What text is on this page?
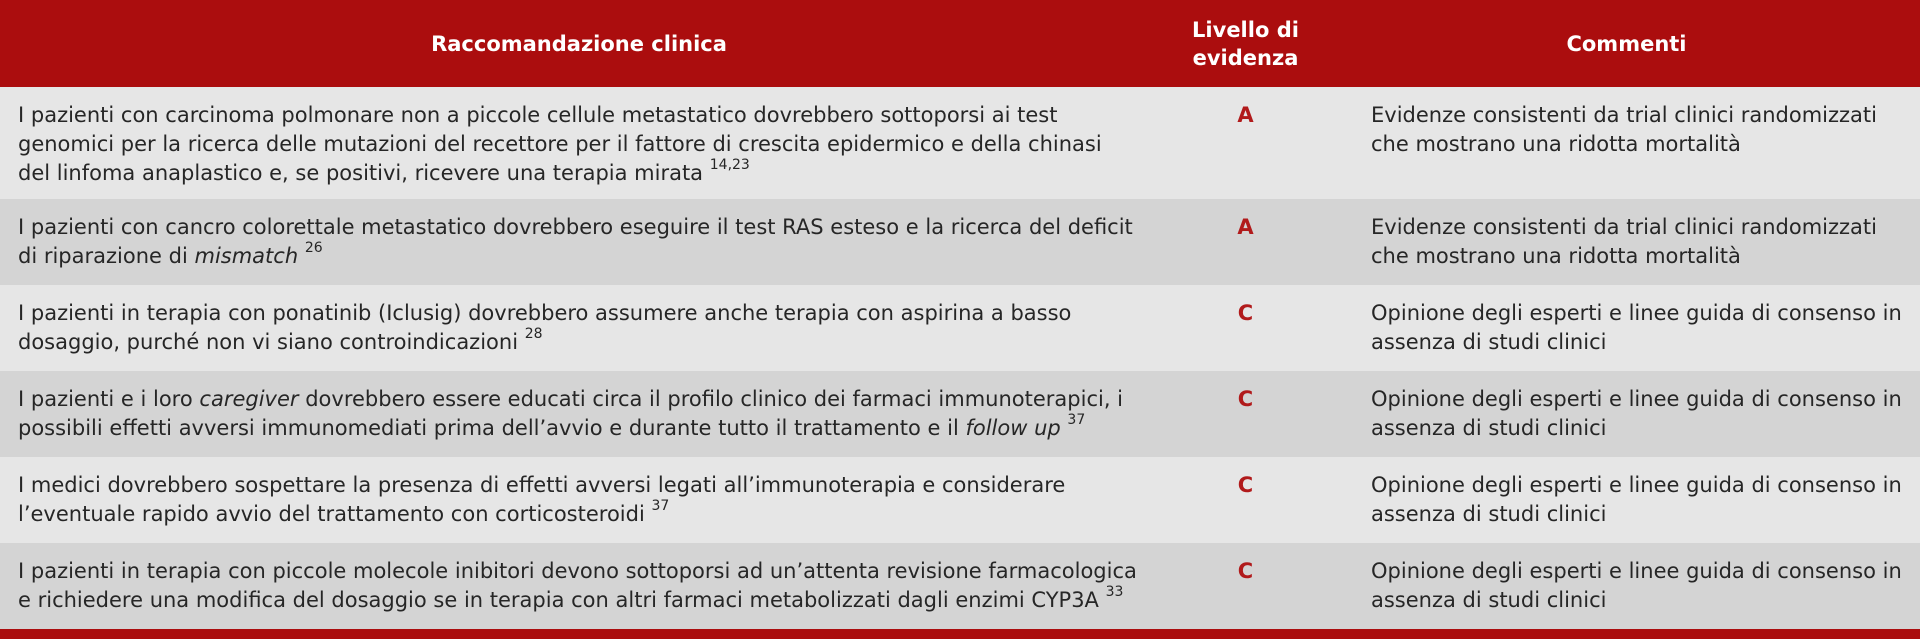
Raccomandazione clinica	Livello di evidenza	Commenti
I pazienti con carcinoma polmonare non a piccole cellule metastatico dovrebbero sottoporsi ai test genomici per la ricerca delle mutazioni del recettore per il fattore di crescita epidermico e della chinasi del linfoma anaplastico e, se positivi, ricevere una terapia mirata $^{14,23}$	A	Evidenze consistenti da trial clinici randomizzati che mostrano una ridotta mortalità
I pazienti con cancro colorettale metastatico dovrebbero eseguire il test RAS esteso e la ricerca del deficit di riparazione di mismatch $^{26}$	A	Evidenze consistenti da trial clinici randomizzati che mostrano una ridotta mortalità
I pazienti in terapia con ponatinib (Iclusig) dovrebbero assumere anche terapia con aspirina a basso dosaggio, purché non vi siano controindicazioni $^{28}$	C	Opinione degli esperti e linee guida di consenso in assenza di studi clinici
I pazienti e i loro caregiver dovrebbero essere educati circa il profilo clinico dei farmaci immunoterapici, i possibili effetti avversi immunomediati prima dell’avvio e durante tutto il trattamento e il follow up $^{37}$	C	Opinione degli esperti e linee guida di consenso in assenza di studi clinici
I medici dovrebbero sospettare la presenza di effetti avversi legati all’immunoterapia e considerare l’eventuale rapido avvio del trattamento con corticosteroidi $^{37}$	C	Opinione degli esperti e linee guida di consenso in assenza di studi clinici
I pazienti in terapia con piccole molecole inibitori devono sottoporsi ad un’attenta revisione farmacologica e richiedere una modifica del dosaggio se in terapia con altri farmaci metabolizzati dagli enzimi CYP3A $^{33}$	C	Opinione degli esperti e linee guida di consenso in assenza di studi clinici
